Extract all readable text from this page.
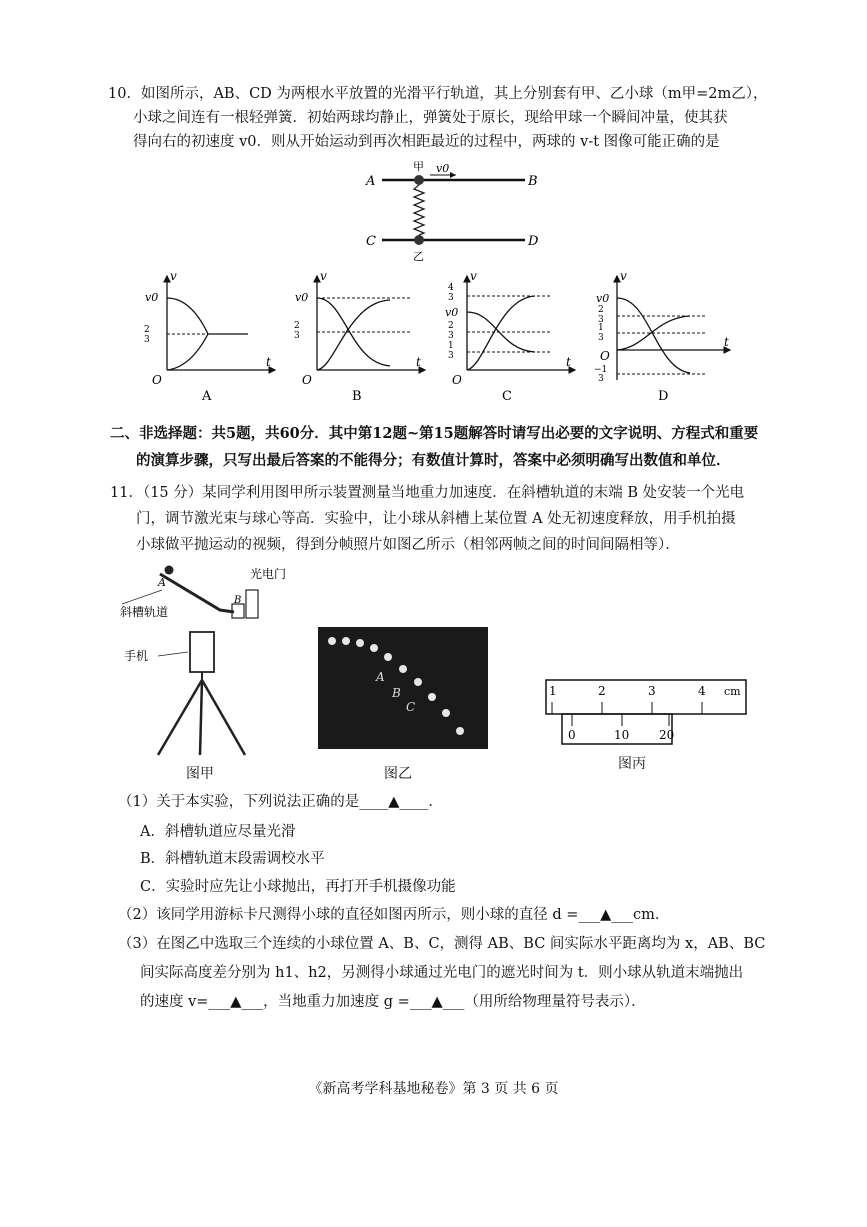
10．如图所示，AB、CD 为两根水平放置的光滑平行轨道，其上分别套有甲、乙小球（m甲=2m乙），
小球之间连有一根轻弹簧．初始两球均静止，弹簧处于原长，现给甲球一个瞬间冲量，使其获
得向右的初速度 v0．则从开始运动到再次相距最近的过程中，两球的 v-t 图像可能正确的是
A	B
C	D
甲 v0
乙
v
t
O
v0
2
3
A
v
t
O
v0
2
3
B
v
t
O
4
3
v0
2
3
1
3
C
v
t
O
v0
2
3
1
3
−1
3
D
二、非选择题：共5题，共60分．其中第12题~第15题解答时请写出必要的文字说明、方程式和重要
的演算步骤，只写出最后答案的不能得分；有数值计算时，答案中必须明确写出数值和单位．
11．（15 分）某同学利用图甲所示装置测量当地重力加速度．在斜槽轨道的末端 B 处安装一个光电
门，调节激光束与球心等高．实验中，让小球从斜槽上某位置 A 处无初速度释放，用手机拍摄
小球做平抛运动的视频，得到分帧照片如图乙所示（相邻两帧之间的时间间隔相等）．
A
B
光电门
斜槽轨道
手机
图甲
A
B
C
图乙
1	2	3	4 cm
0	10 20
图丙
（1）关于本实验，下列说法正确的是____▲____．
A．斜槽轨道应尽量光滑
B．斜槽轨道末段需调校水平
C．实验时应先让小球抛出，再打开手机摄像功能
（2）该同学用游标卡尺测得小球的直径如图丙所示，则小球的直径 d =___▲___cm．
（3）在图乙中选取三个连续的小球位置 A、B、C，测得 AB、BC 间实际水平距离均为 x，AB、BC
间实际高度差分别为 h1、h2，另测得小球通过光电门的遮光时间为 t．则小球从轨道末端抛出
的速度 v=___▲___，当地重力加速度 g =___▲___（用所给物理量符号表示）．
《新高考学科基地秘卷》第 3 页 共 6 页
